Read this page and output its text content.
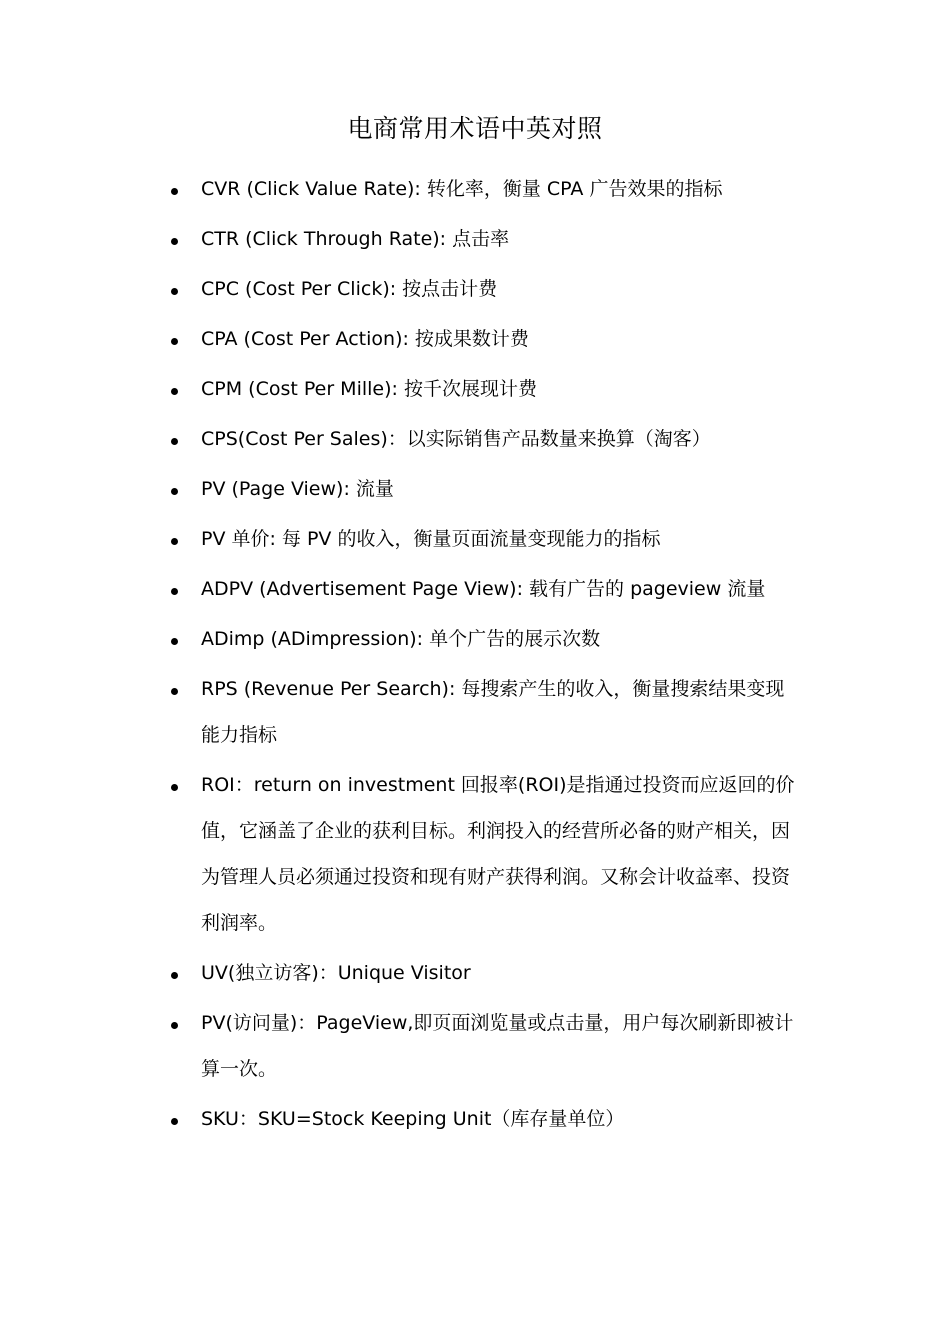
电商常用术语中英对照
CVR (Click Value Rate): 转化率，衡量 CPA 广告效果的指标
CTR (Click Through Rate): 点击率
CPC (Cost Per Click): 按点击计费
CPA (Cost Per Action): 按成果数计费
CPM (Cost Per Mille): 按千次展现计费
CPS(Cost Per Sales)：以实际销售产品数量来换算（淘客）
PV (Page View): 流量
PV 单价: 每 PV 的收入，衡量页面流量变现能力的指标
ADPV (Advertisement Page View): 载有广告的 pageview 流量
ADimp (ADimpression): 单个广告的展示次数
RPS (Revenue Per Search): 每搜索产生的收入，衡量搜索结果变现能力指标
ROI：return on investment 回报率(ROI)是指通过投资而应返回的价值，它涵盖了企业的获利目标。利润投入的经营所必备的财产相关，因为管理人员必须通过投资和现有财产获得利润。又称会计收益率、投资利润率。
UV(独立访客)：Unique Visitor
PV(访问量)：PageView,即页面浏览量或点击量，用户每次刷新即被计算一次。
SKU：SKU=Stock Keeping Unit（库存量单位）
